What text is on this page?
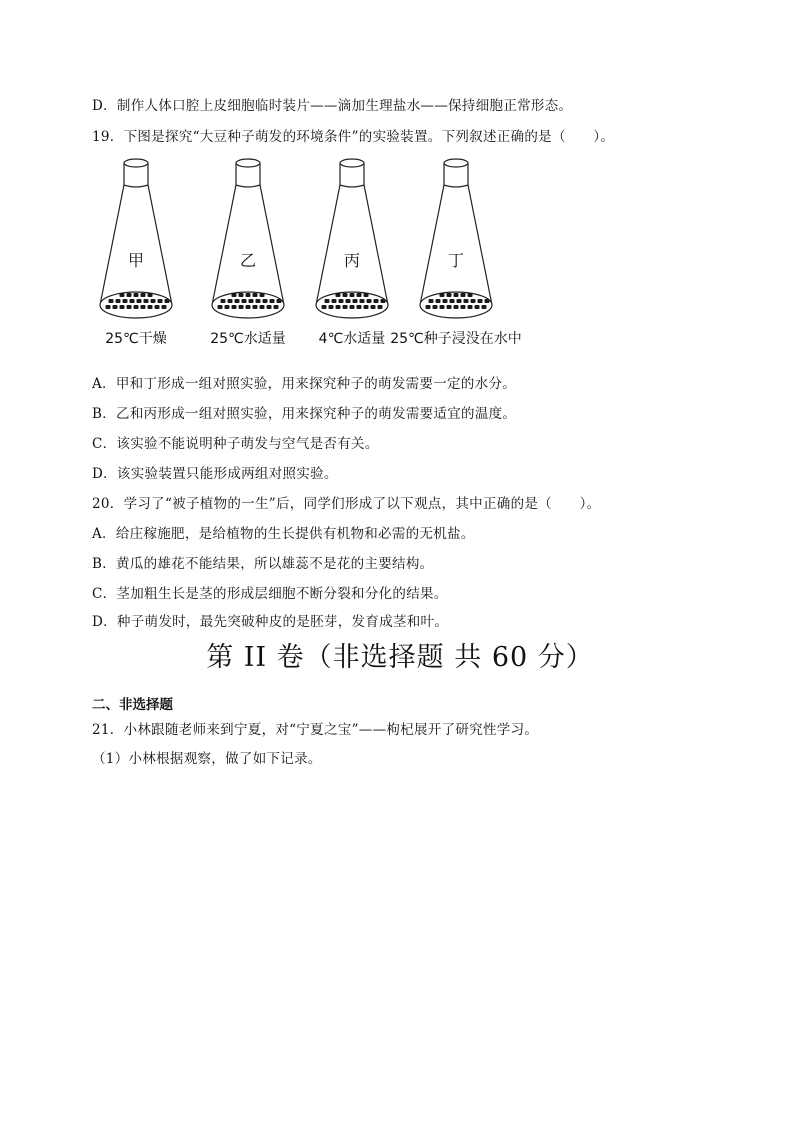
D．制作人体口腔上皮细胞临时装片——滴加生理盐水——保持细胞正常形态。
19．下图是探究“大豆种子萌发的环境条件”的实验装置。下列叙述正确的是（　　）。
甲
25℃干燥
乙
25℃水适量
丙
4℃水适量
丁
25℃种子浸没在水中
A．甲和丁形成一组对照实验，用来探究种子的萌发需要一定的水分。
B．乙和丙形成一组对照实验，用来探究种子的萌发需要适宜的温度。
C．该实验不能说明种子萌发与空气是否有关。
D．该实验装置只能形成两组对照实验。
20．学习了“被子植物的一生”后，同学们形成了以下观点，其中正确的是（　　）。
A．给庄稼施肥，是给植物的生长提供有机物和必需的无机盐。
B．黄瓜的雄花不能结果，所以雄蕊不是花的主要结构。
C．茎加粗生长是茎的形成层细胞不断分裂和分化的结果。
D．种子萌发时，最先突破种皮的是胚芽，发育成茎和叶。
第 II 卷（非选择题 共 60 分）
二、非选择题
21．小林跟随老师来到宁夏，对“宁夏之宝”——枸杞展开了研究性学习。
（1）小林根据观察，做了如下记录。
